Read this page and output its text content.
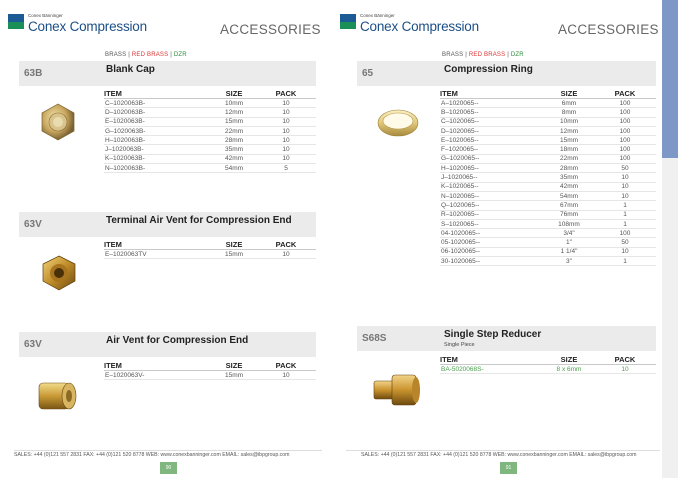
Conex Bänninger
Conex Compression	ACCESSORIES
BRASS | RED BRASS | DZR
63B	Blank Cap
ITEM	SIZE	PACK
C–1020063B-	10mm	10
D–1020063B-	12mm	10
E–1020063B-	15mm	10
G–1020063B-	22mm	10
H–1020063B-	28mm	10
J–1020063B-	35mm	10
K–1020063B-	42mm	10
N–1020063B-	54mm	5
63V	Terminal Air Vent for Compression End
ITEM	SIZE	PACK
E–1020063TV	15mm	10
63V	Air Vent for Compression End
ITEM	SIZE	PACK
E–1020063V-	15mm	10
SALES: +44 (0)121 557 2831 FAX: +44 (0)121 520 8778 WEB: www.conexbanninger.com EMAIL: sales@ibpgroup.com
90
Conex Bänninger
Conex Compression	ACCESSORIES
BRASS | RED BRASS | DZR
65	Compression Ring
ITEM	SIZE	PACK
A–1020065--	6mm	100
B–1020065--	8mm	100
C–1020065--	10mm	100
D–1020065--	12mm	100
E–1020065--	15mm	100
F–1020065--	18mm	100
G–1020065--	22mm	100
H–1020065--	28mm	50
J–1020065--	35mm	10
K–1020065--	42mm	10
N–1020065--	54mm	10
Q–1020065--	67mm	1
R–1020065--	76mm	1
S–1020065--	108mm	1
04-1020065--	3/4"	100
05-1020065--	1"	50
06-1020065--	1 1/4"	10
30-1020065--	3"	1
S68S	Single Step Reducer
Single Piece
ITEM	SIZE	PACK
BA-5020068S-	8 x 6mm	10
SALES: +44 (0)121 557 2831 FAX: +44 (0)121 520 8778 WEB: www.conexbanninger.com EMAIL: sales@ibpgroup.com
91
